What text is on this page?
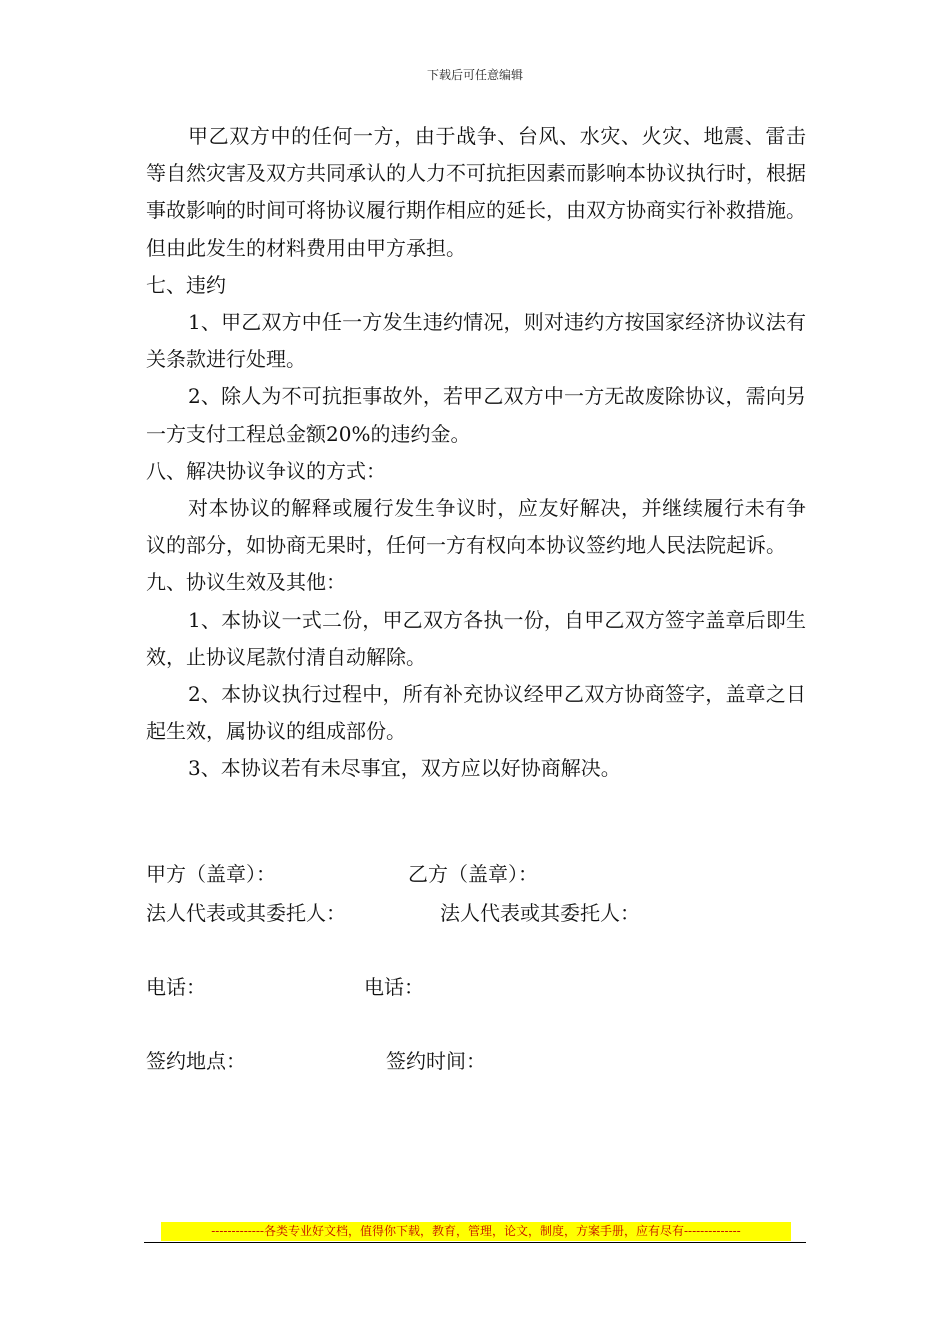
下载后可任意编辑

甲乙双方中的任何一方，由于战争、台风、水灾、火灾、地震、雷击等自然灾害及双方共同承认的人力不可抗拒因素而影响本协议执行时，根据事故影响的时间可将协议履行期作相应的延长，由双方协商实行补救措施。但由此发生的材料费用由甲方承担。

七、违约

1、甲乙双方中任一方发生违约情况，则对违约方按国家经济协议法有关条款进行处理。

2、除人为不可抗拒事故外，若甲乙双方中一方无故废除协议，需向另一方支付工程总金额20%的违约金。

八、解决协议争议的方式：

对本协议的解释或履行发生争议时，应友好解决，并继续履行未有争议的部分，如协商无果时，任何一方有权向本协议签约地人民法院起诉。

九、协议生效及其他：

1、本协议一式二份，甲乙双方各执一份，自甲乙双方签字盖章后即生效，止协议尾款付清自动解除。

2、本协议执行过程中，所有补充协议经甲乙双方协商签字，盖章之日起生效，属协议的组成部份。

3、本协议若有未尽事宜，双方应以好协商解决。

甲方（盖章）：	乙方（盖章）：
法人代表或其委托人：	法人代表或其委托人：
电话：	电话：
签约地点：	签约时间：
-------------各类专业好文档，值得你下载，教育，管理，论文，制度，方案手册，应有尽有--------------
